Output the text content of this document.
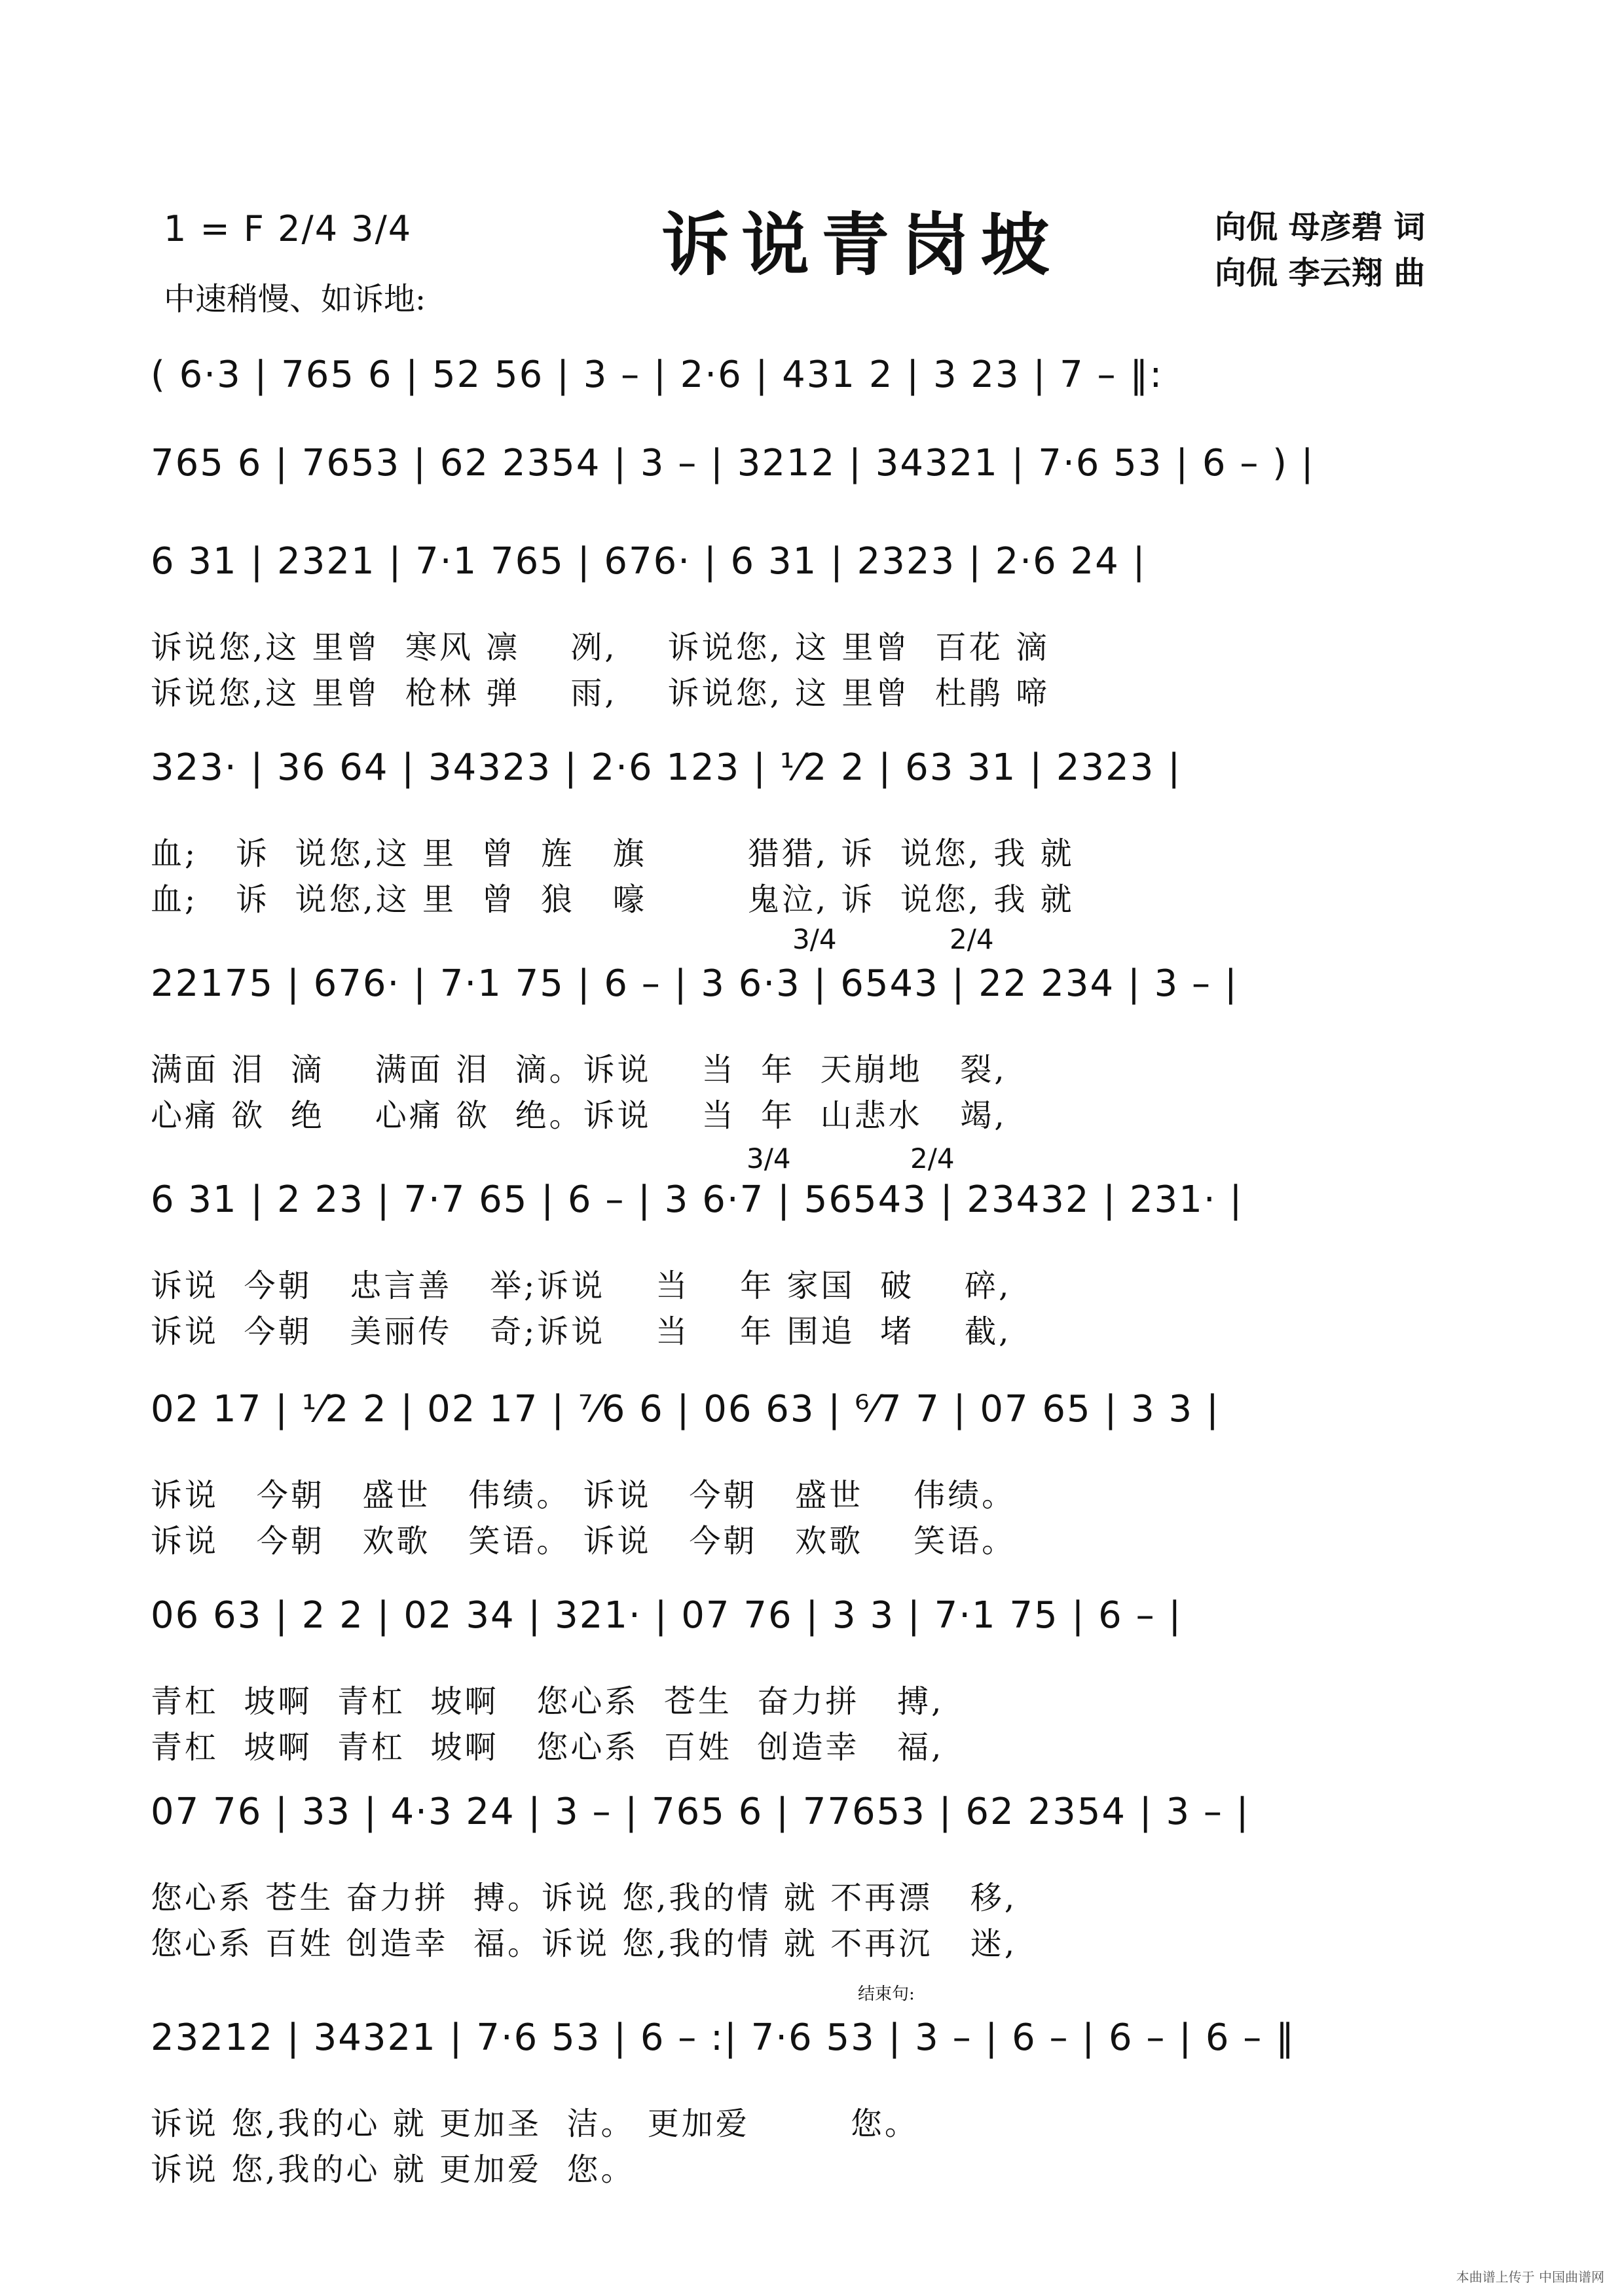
1 = F 2/4 3/4	诉说青岗坡
中速稍慢、如诉地:
向侃 母彦碧 词
向侃 李云翔 曲
( 6·3 | 765 6 | 52 56 | 3 – | 2·6 | 431 2 | 3 23 | 7 – ‖:
765 6 | 7653 | 62 2354 | 3 – | 3212 | 34321 | 7·6 53 | 6 – ) |
6 31 | 2321 | 7·1 765 | 676· | 6 31 | 2323 | 2·6 24 |
诉说您,这 里曾  寒风 凛    冽,    诉说您, 这 里曾  百花 滴
诉说您,这 里曾  枪林 弹    雨,    诉说您, 这 里曾  杜鹃 啼
323· | 36 64 | 34323 | 2·6 123 | ¹⁄2 2 | 63 31 | 2323 |
血;   诉  说您,这 里  曾  旌   旗        猎猎, 诉  说您, 我 就
血;   诉  说您,这 里  曾  狼   嚎        鬼泣, 诉  说您, 我 就
22175 | 676· | 7·1 75 | 6 – | 3 6·3 | 6543 | 22 234 | 3 – |
满面 泪  滴    满面 泪  滴。诉说    当  年  天崩地   裂,
心痛 欲  绝    心痛 欲  绝。诉说    当  年  山悲水   竭,
3/4	2/4
6 31 | 2 23 | 7·7 65 | 6 – | 3 6·7 | 56543 | 23432 | 231· |
诉说  今朝   忠言善   举;诉说    当    年 家国  破    碎,
诉说  今朝   美丽传   奇;诉说    当    年 围追  堵    截,
3/4	2/4
02 17 | ¹⁄2 2 | 02 17 | ⁷⁄6 6 | 06 63 | ⁶⁄7 7 | 07 65 | 3 3 |
诉说   今朝   盛世   伟绩。 诉说   今朝   盛世    伟绩。
诉说   今朝   欢歌   笑语。 诉说   今朝   欢歌    笑语。
06 63 | 2 2 | 02 34 | 321· | 07 76 | 3 3 | 7·1 75 | 6 – |
青杠  坡啊  青杠  坡啊   您心系  苍生  奋力拼   搏,
青杠  坡啊  青杠  坡啊   您心系  百姓  创造幸   福,
07 76 | 33 | 4·3 24 | 3 – | 765 6 | 77653 | 62 2354 | 3 – |
您心系 苍生 奋力拼  搏。诉说 您,我的情 就 不再漂   移,
您心系 百姓 创造幸  福。诉说 您,我的情 就 不再沉   迷,
23212 | 34321 | 7·6 53 | 6 – :| 7·6 53 | 3 – | 6 – | 6 – | 6 – ‖
诉说 您,我的心 就 更加圣  洁。 更加爱        您。
诉说 您,我的心 就 更加爱  您。
结束句:
本曲谱上传于 中国曲谱网
